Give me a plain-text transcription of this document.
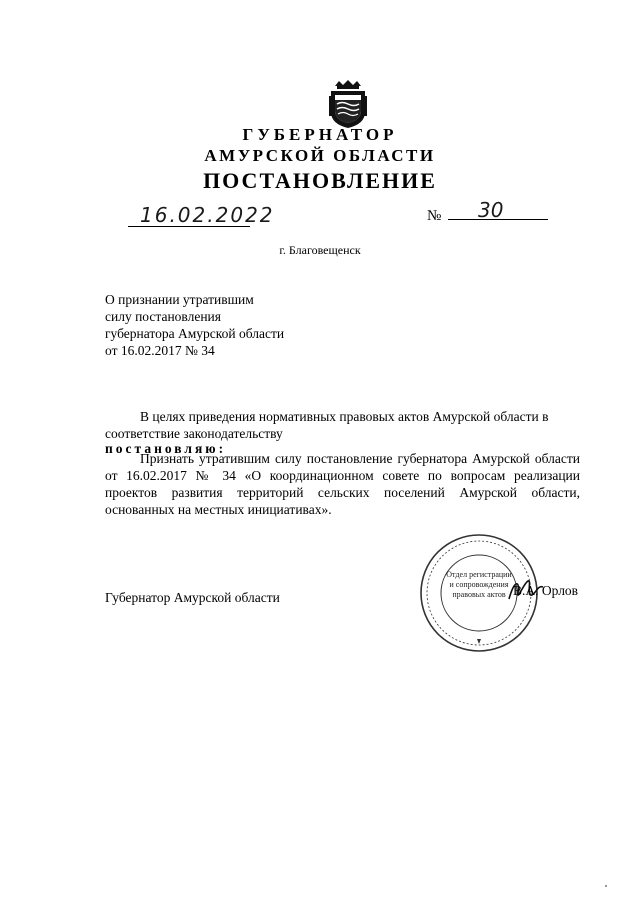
ГУБЕРНАТОР
АМУРСКОЙ ОБЛАСТИ
ПОСТАНОВЛЕНИЕ
16.02.2022	№ 30
г. Благовещенск
О признании утратившим
силу постановления
губернатора Амурской области
от 16.02.2017 № 34
В целях приведения нормативных правовых актов Амурской области в соответствие законодательству
постановляю:
Признать утратившим силу постановление губернатора Амурской области от 16.02.2017 № 34 «О координационном совете по вопросам реализации проектов развития территорий сельских поселений Амурской области, основанных на местных инициативах».
Губернатор Амурской области
Отдел регистрации и сопровождения правовых актов В.А. Орлов
